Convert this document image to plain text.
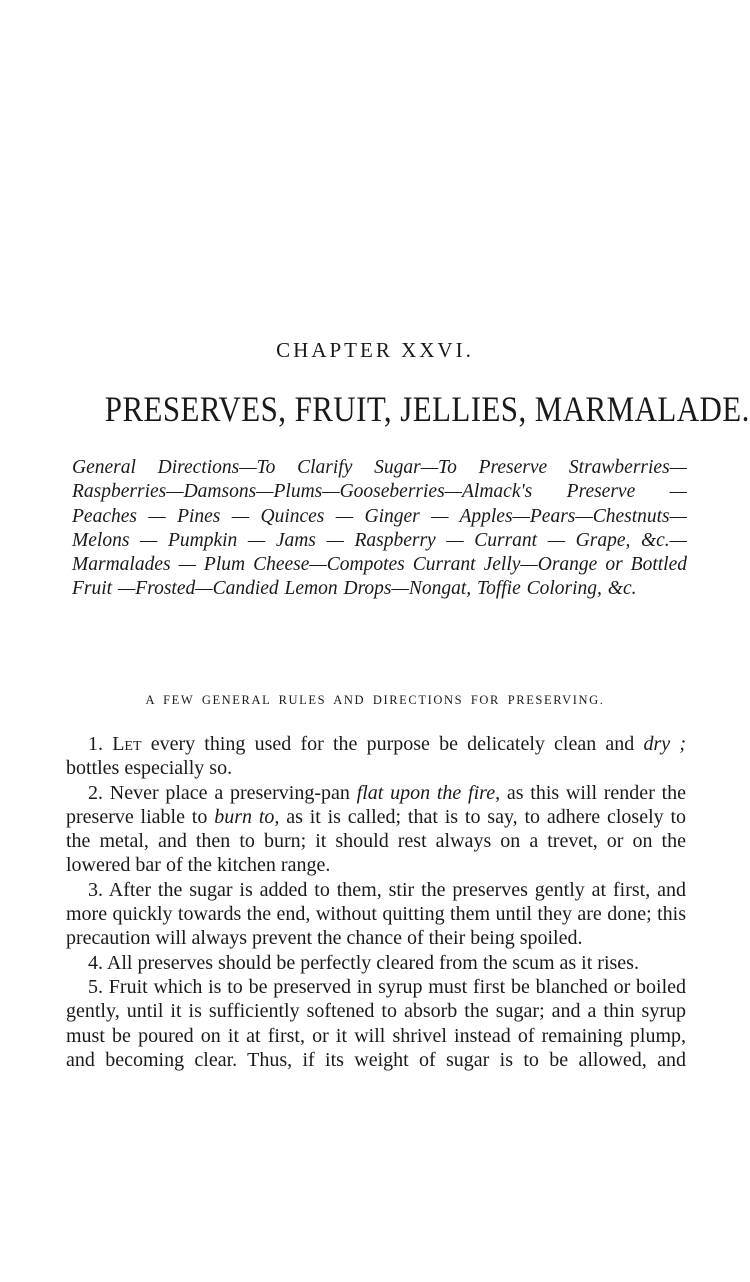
CHAPTER XXVI.
PRESERVES, FRUIT, JELLIES, MARMALADE.
General Directions—To Clarify Sugar—To Preserve Strawberries—Raspberries—Damsons—Plums—Gooseberries—Almack's Preserve — Peaches — Pines — Quinces — Ginger — Apples—Pears—Chestnuts—Melons — Pumpkin — Jams — Raspberry — Currant — Grape, &c.—Marmalades — Plum Cheese—Compotes Currant Jelly—Orange or Bottled Fruit —Frosted—Candied Lemon Drops—Nongat, Toffie Coloring, &c.
A FEW GENERAL RULES AND DIRECTIONS FOR PRESERVING.

1. Let every thing used for the purpose be delicately clean and dry ; bottles especially so.

2. Never place a preserving-pan flat upon the fire, as this will render the preserve liable to burn to, as it is called; that is to say, to adhere closely to the metal, and then to burn; it should rest always on a trevet, or on the lowered bar of the kitchen range.

3. After the sugar is added to them, stir the preserves gently at first, and more quickly towards the end, without quitting them until they are done; this precaution will always prevent the chance of their being spoiled.

4. All preserves should be perfectly cleared from the scum as it rises.

5. Fruit which is to be preserved in syrup must first be blanched or boiled gently, until it is sufficiently softened to absorb the sugar; and a thin syrup must be poured on it at first, or it will shrivel instead of remaining plump, and becoming clear. Thus, if its weight of sugar is to be allowed, and
